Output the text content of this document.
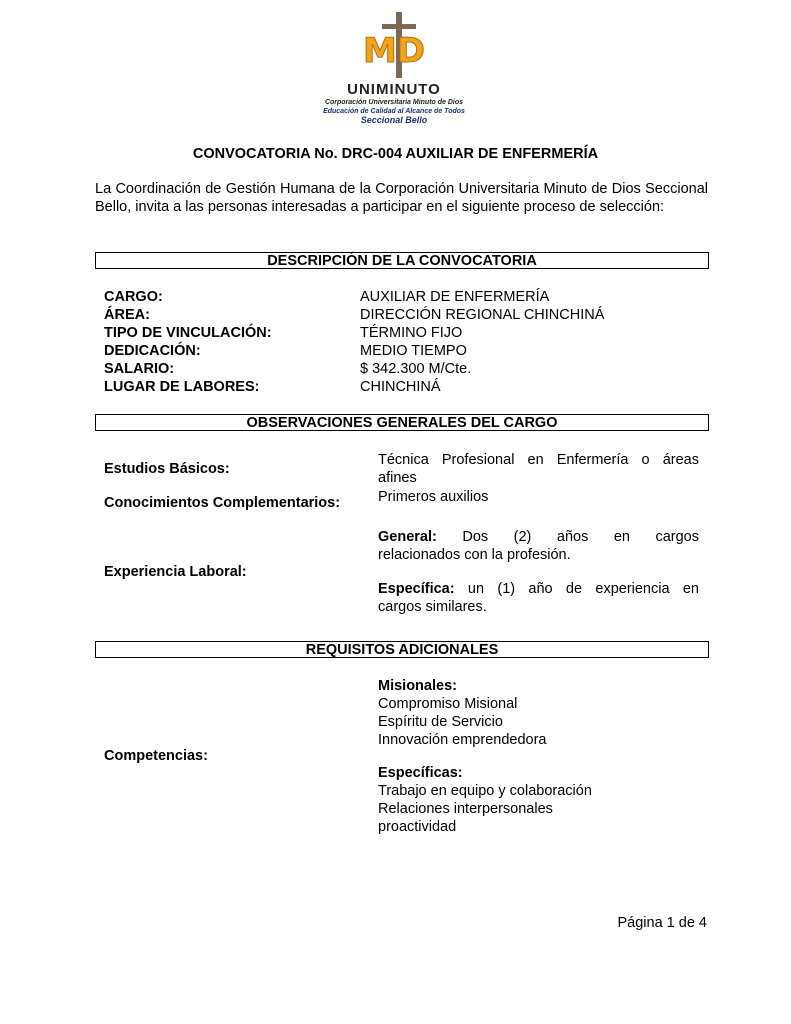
MD
UNIMINUTO
Corporación Universitaria Minuto de Dios
Educación de Calidad al Alcance de Todos
Seccional Bello
CONVOCATORIA No. DRC-004 AUXILIAR DE ENFERMERÍA
La Coordinación de Gestión Humana de la Corporación Universitaria Minuto de Dios Seccional Bello, invita a las personas interesadas a participar en el siguiente proceso de selección:
DESCRIPCIÓN DE LA CONVOCATORIA
CARGO:	AUXILIAR DE ENFERMERÍA
ÁREA:	DIRECCIÓN REGIONAL CHINCHINÁ
TIPO DE VINCULACIÓN:	TÉRMINO FIJO
DEDICACIÓN:	MEDIO TIEMPO
SALARIO:	$ 342.300 M/Cte.
LUGAR DE LABORES:	CHINCHINÁ
OBSERVACIONES GENERALES DEL CARGO
Estudios Básicos:
Técnica Profesional en Enfermería o áreas
afines
Conocimientos Complementarios:	Primeros auxilios
Experiencia Laboral:
General: Dos (2) años en cargos
relacionados con la profesión.
Específica: un (1) año de experiencia en
cargos similares.
REQUISITOS ADICIONALES
Competencias:
Misionales:
Compromiso Misional
Espíritu de Servicio
Innovación emprendedora
Específicas:
Trabajo en equipo y colaboración
Relaciones interpersonales
proactividad
Página 1 de 4
